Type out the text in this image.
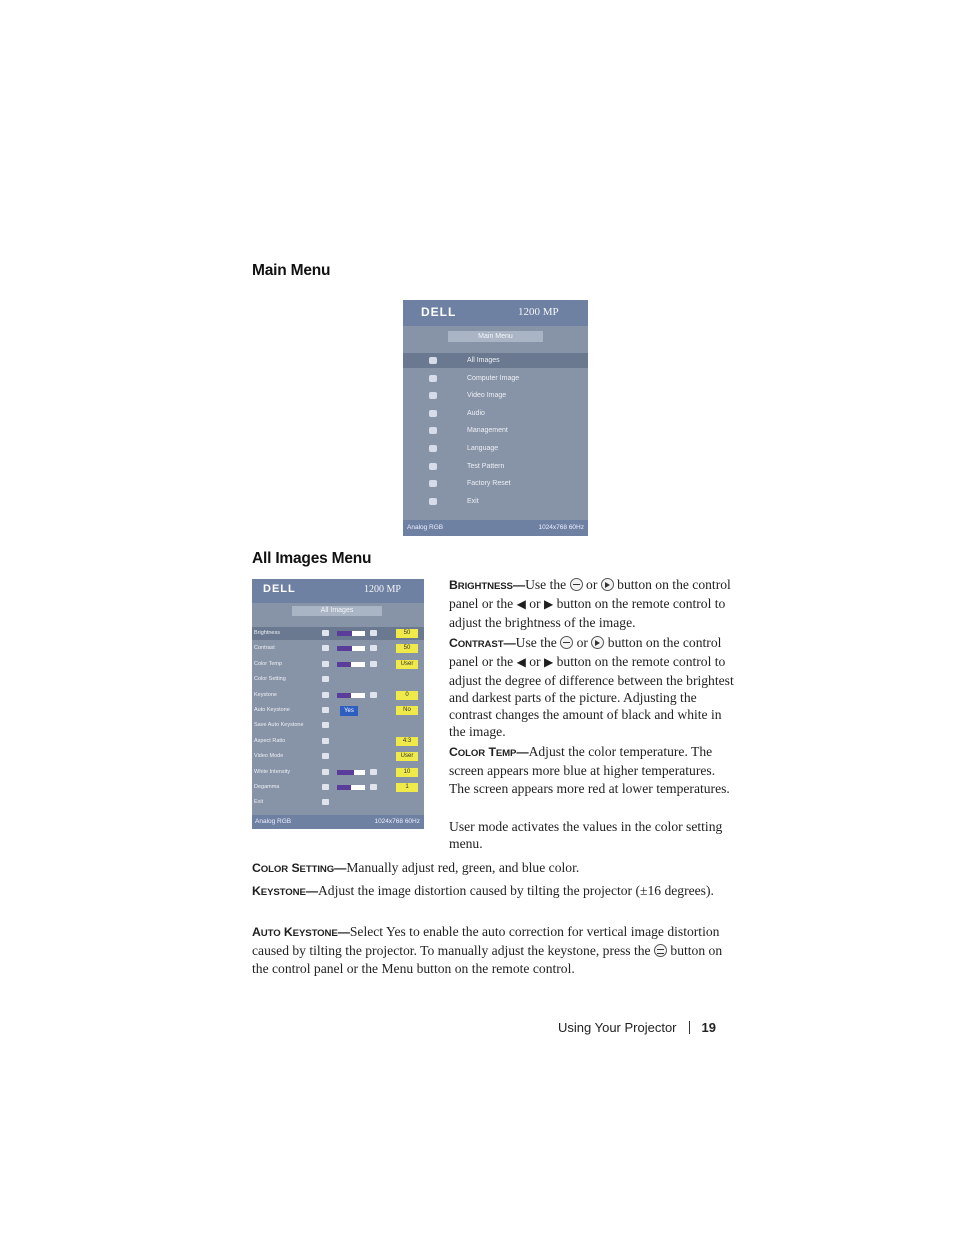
Main Menu
All Images Menu
DELL	1200 MP
Main Menu
All Images
Computer Image
Video Image
Audio
Management
Language
Test Pattern
Factory Reset
Exit
Analog RGB	1024x768 60Hz
DELL	1200 MP
All Images
Brightness	50
Contrast	50
Color Temp	User
Color Setting
Keystone	0
Auto Keystone	Yes	No
Save Auto Keystone
Aspect Ratio	4:3
Video Mode	User
White Intensity	10
Degamma	1
Exit
Analog RGB	1024x768 60Hz
BRIGHTNESS—Use the or button on the control panel or the ◀ or ▶ button on the remote control to adjust the brightness of the image.
CONTRAST—Use the or button on the control panel or the ◀ or ▶ button on the remote control to adjust the degree of difference between the brightest and darkest parts of the picture. Adjusting the contrast changes the amount of black and white in the image.
COLOR TEMP—Adjust the color temperature. The screen appears more blue at higher temperatures. The screen appears more red at lower temperatures.
User mode activates the values in the color setting menu.
COLOR SETTING—Manually adjust red, green, and blue color.
KEYSTONE—Adjust the image distortion caused by tilting the projector (±16 degrees).
AUTO KEYSTONE—Select Yes to enable the auto correction for vertical image distortion caused by tilting the projector. To manually adjust the keystone, press the button on the control panel or the Menu button on the remote control.
Using Your Projector 19
